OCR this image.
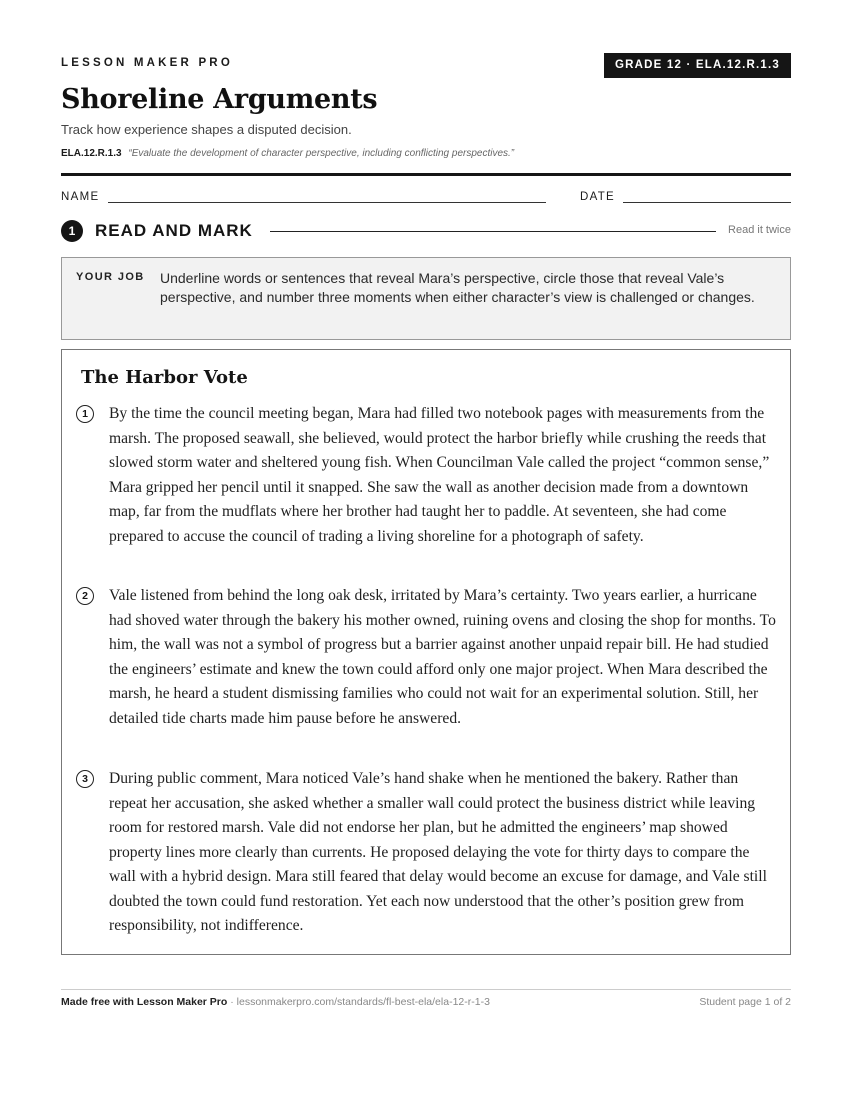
LESSON MAKER PRO	GRADE 12 · ELA.12.R.1.3
Shoreline Arguments
Track how experience shapes a disputed decision.
ELA.12.R.1.3 “Evaluate the development of character perspective, including conflicting perspectives.”
NAME	DATE
1	READ AND MARK	Read it twice
YOUR JOB Underline words or sentences that reveal Mara’s perspective, circle those that reveal Vale’s perspective, and number three moments when either character’s view is challenged or changes.
The Harbor Vote
1	By the time the council meeting began, Mara had filled two notebook pages with measurements from the marsh. The proposed seawall, she believed, would protect the harbor briefly while crushing the reeds that slowed storm water and sheltered young fish. When Councilman Vale called the project “common sense,” Mara gripped her pencil until it snapped. She saw the wall as another decision made from a downtown map, far from the mudflats where her brother had taught her to paddle. At seventeen, she had come prepared to accuse the council of trading a living shoreline for a photograph of safety.

2	Vale listened from behind the long oak desk, irritated by Mara’s certainty. Two years earlier, a hurricane had shoved water through the bakery his mother owned, ruining ovens and closing the shop for months. To him, the wall was not a symbol of progress but a barrier against another unpaid repair bill. He had studied the engineers’ estimate and knew the town could afford only one major project. When Mara described the marsh, he heard a student dismissing families who could not wait for an experimental solution. Still, her detailed tide charts made him pause before he answered.

3	During public comment, Mara noticed Vale’s hand shake when he mentioned the bakery. Rather than repeat her accusation, she asked whether a smaller wall could protect the business district while leaving room for restored marsh. Vale did not endorse her plan, but he admitted the engineers’ map showed property lines more clearly than currents. He proposed delaying the vote for thirty days to compare the wall with a hybrid design. Mara still feared that delay would become an excuse for damage, and Vale still doubted the town could fund restoration. Yet each now understood that the other’s position grew from responsibility, not indifference.

Made free with Lesson Maker Pro · lessonmakerpro.com/standards/fl-best-ela/ela-12-r-1-3	Student page 1 of 2
